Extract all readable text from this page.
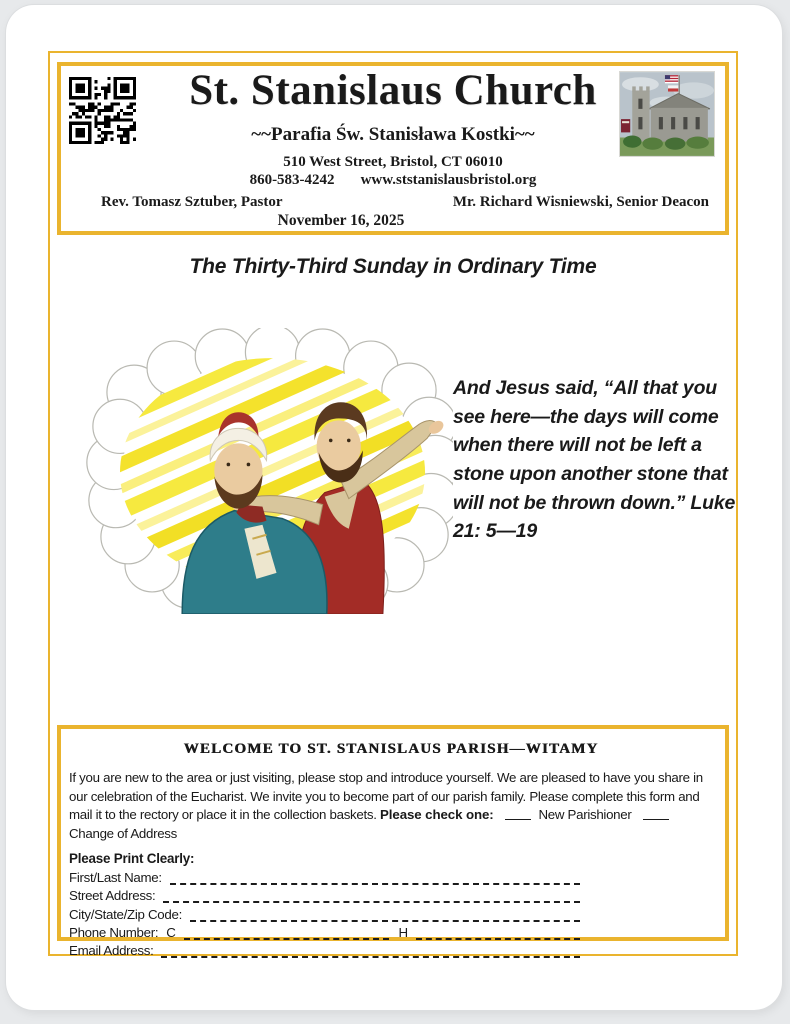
St. Stanislaus Church
~~Parafia Św. Stanisława Kostki~~
510 West Street, Bristol, CT 06010
860-583-4242 www.ststanislausbristol.org
Rev. Tomasz Sztuber, Pastor	Mr. Richard Wisniewski, Senior Deacon
November 16, 2025
The Thirty-Third Sunday in Ordinary Time
And Jesus said, “All that you see here—the days will come when there will not be left a stone upon another stone that will not be thrown down.” Luke 21: 5—19
WELCOME TO ST. STANISLAUS PARISH—WITAMY
If you are new to the area or just visiting, please stop and introduce yourself. We are pleased to have you share in our celebration of the Eucharist. We invite you to become part of our parish family. Please complete this form and mail it to the rectory or place it in the collection baskets. Please check one:	New Parishioner  Change of Address
Please Print Clearly:
First/Last Name:
Street Address:
City/State/Zip Code:
Phone Number: C	H
Email Address:
